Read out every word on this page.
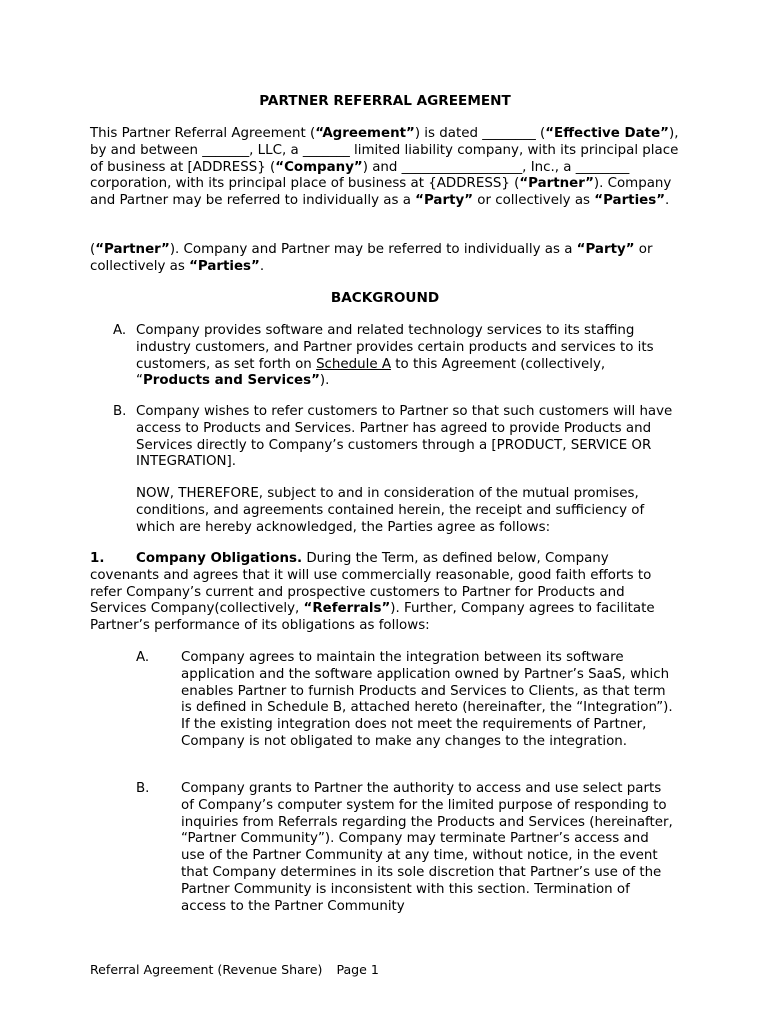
PARTNER REFERRAL AGREEMENT
This Partner Referral Agreement (“Agreement”) is dated ________ (“Effective Date”), by and between _______, LLC, a _______ limited liability company, with its principal place of business at [ADDRESS} (“Company”) and __________________, Inc., a ________ corporation, with its principal place of business at {ADDRESS} (“Partner”). Company and Partner may be referred to individually as a “Party” or collectively as “Parties”.
(“Partner”). Company and Partner may be referred to individually as a “Party” or collectively as “Parties”.
BACKGROUND
A. Company provides software and related technology services to its staffing industry customers, and Partner provides certain products and services to its customers, as set forth on Schedule A to this Agreement (collectively, “Products and Services”).
B. Company wishes to refer customers to Partner so that such customers will have access to Products and Services. Partner has agreed to provide Products and Services directly to Company’s customers through a [PRODUCT, SERVICE OR INTEGRATION].
NOW, THEREFORE, subject to and in consideration of the mutual promises, conditions, and agreements contained herein, the receipt and sufficiency of which are hereby acknowledged, the Parties agree as follows:
1. Company Obligations. During the Term, as defined below, Company covenants and agrees that it will use commercially reasonable, good faith efforts to refer Company’s current and prospective customers to Partner for Products and Services Company(collectively, “Referrals”). Further, Company agrees to facilitate Partner’s performance of its obligations as follows:
A. Company agrees to maintain the integration between its software application and the software application owned by Partner’s SaaS, which enables Partner to furnish Products and Services to Clients, as that term is defined in Schedule B, attached hereto (hereinafter, the “Integration”). If the existing integration does not meet the requirements of Partner, Company is not obligated to make any changes to the integration.
B. Company grants to Partner the authority to access and use select parts of Company’s computer system for the limited purpose of responding to inquiries from Referrals regarding the Products and Services (hereinafter, “Partner Community”). Company may terminate Partner’s access and use of the Partner Community at any time, without notice, in the event that Company determines in its sole discretion that Partner’s use of the Partner Community is inconsistent with this section. Termination of access to the Partner Community
Referral Agreement (Revenue Share) Page 1
